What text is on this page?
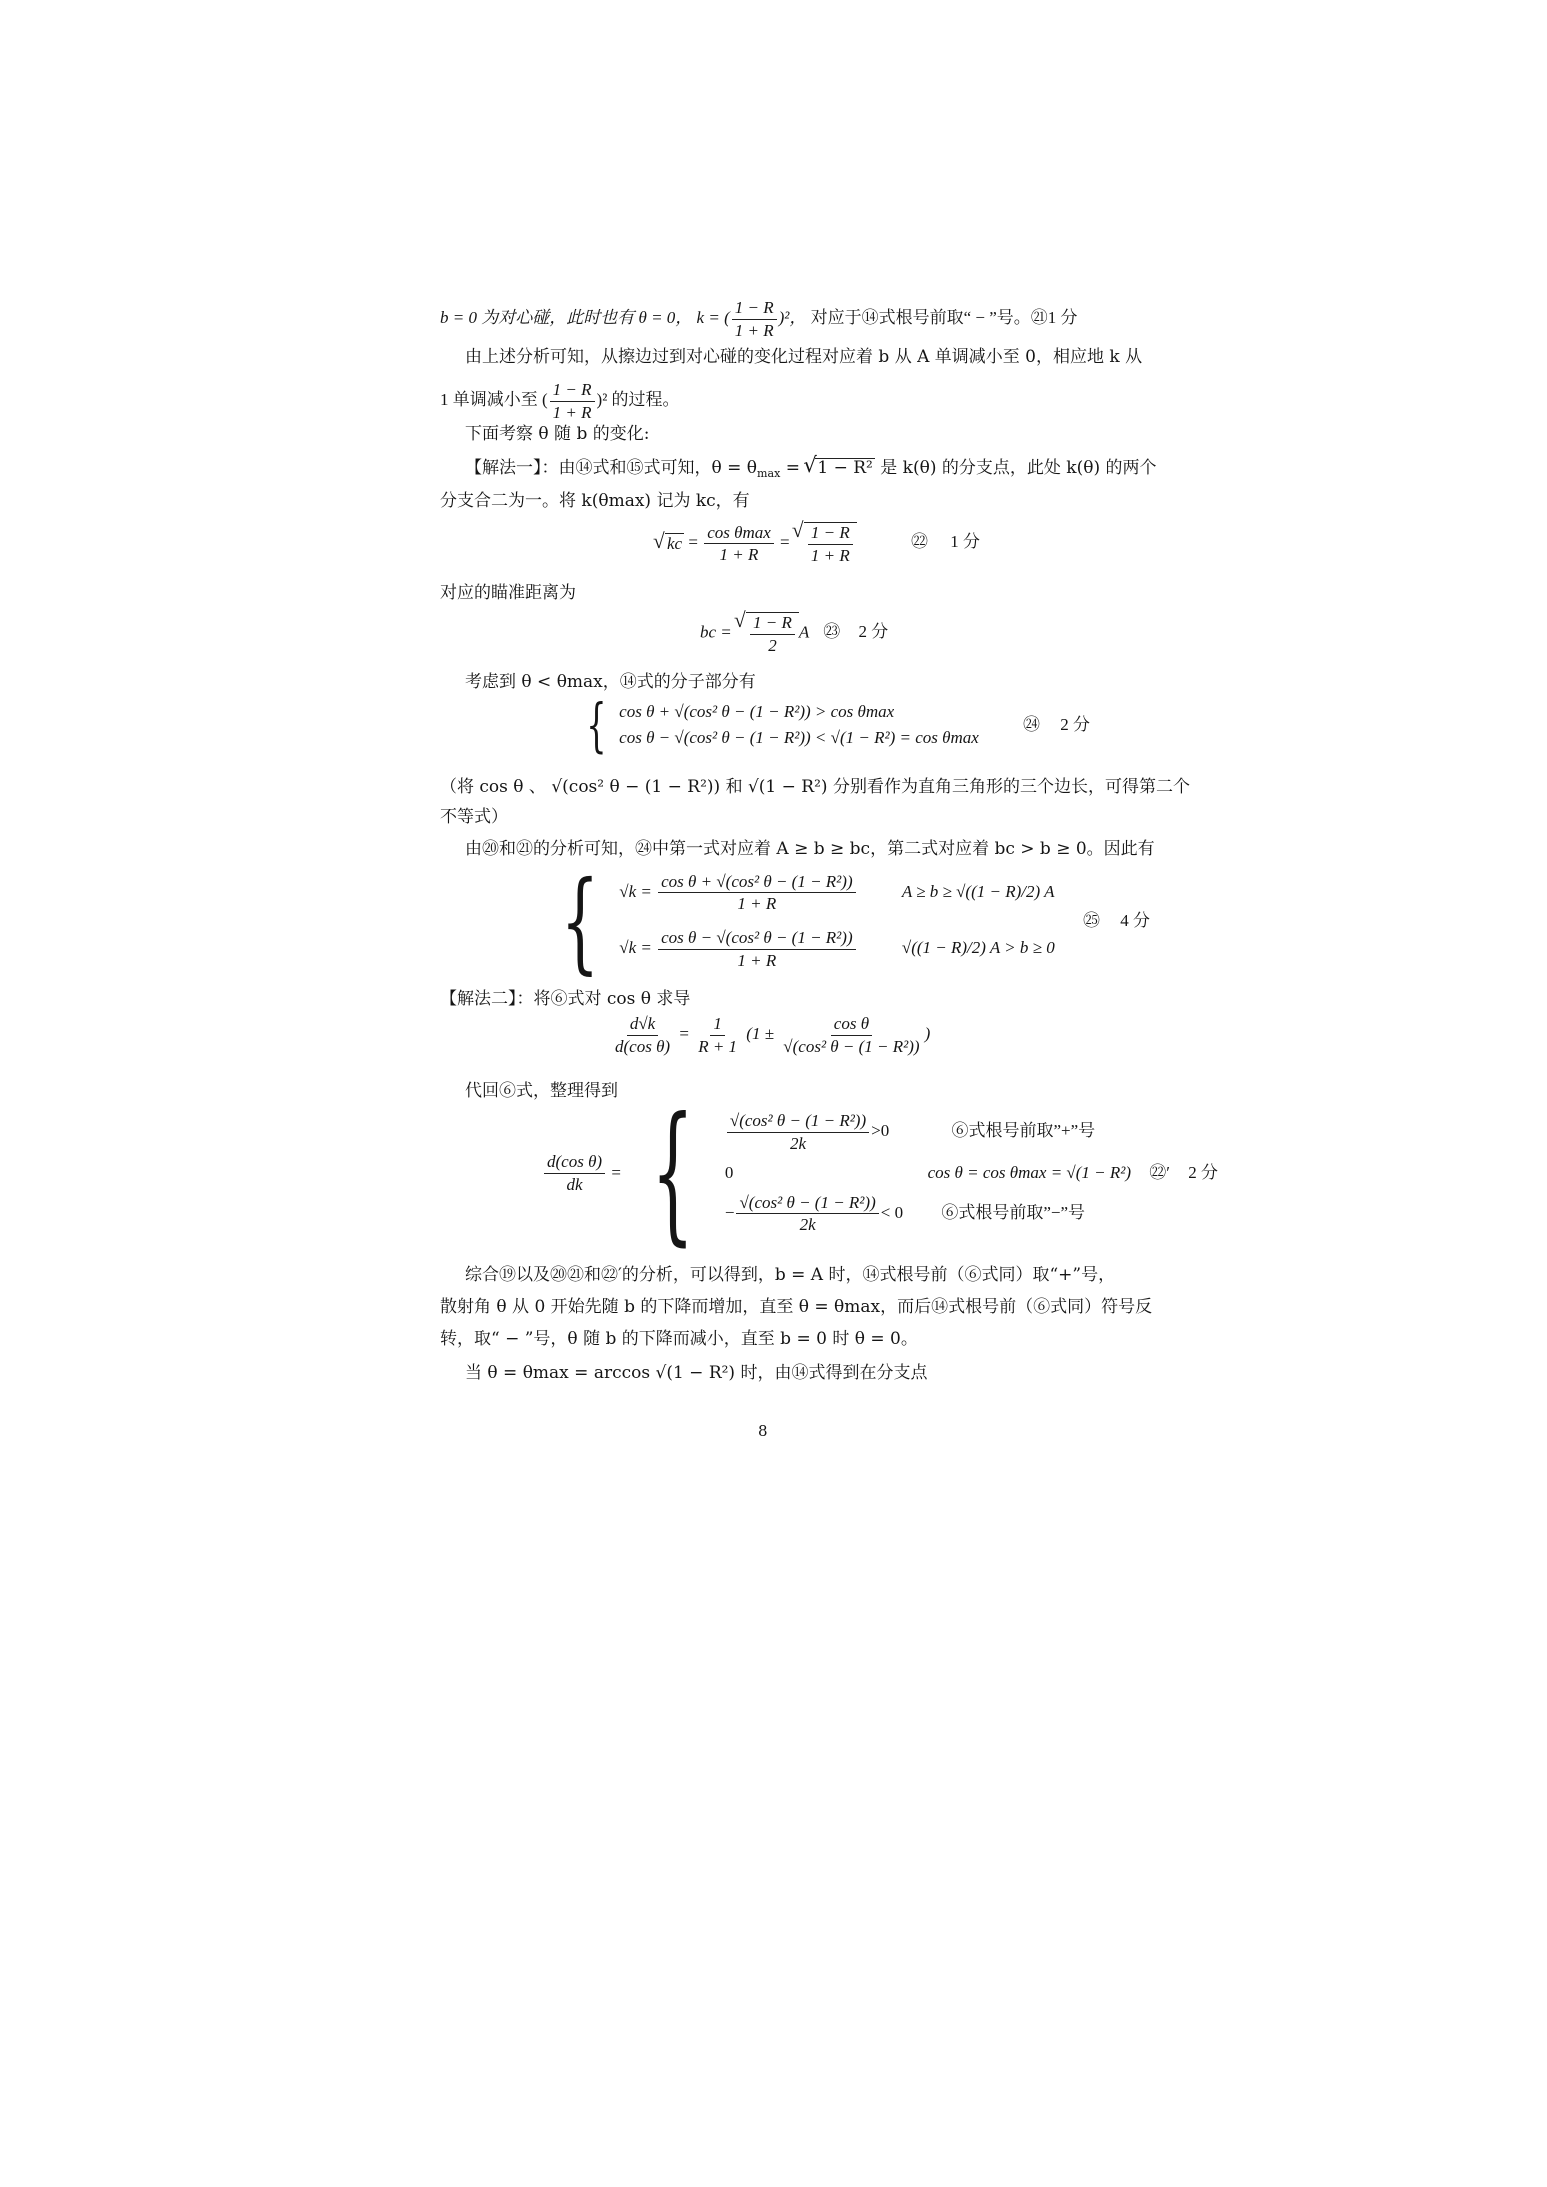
b = 0 为对心碰，此时也有 θ = 0， k = ( $\frac{1 - R}{1 + R} )^2$， 对应于⑭式根号前取“ − ”号。㉑1 分
由上述分析可知，从擦边过到对心碰的变化过程对应着 b 从 A 单调减小至 0，相应地 k 从
1 单调减小至 ( $\frac{1 - R}{1 + R} )^2$ 的过程。
下面考察 θ 随 b 的变化:
【解法一】：由⑭式和⑮式可知，$\theta = \theta_{max}$ = √ 1 − R² 是 k(θ) 的分支点，此处 k(θ) 的两个
分支合二为一。将 k(θmax) 记为 kc，有
√ kc = $\frac{\text{cos θmax}}{1 + R}$ = √ $\frac{1 - R}{1 + R}$	㉒ 1 分
对应的瞄准距离为
bc = √ $\frac{1 - R}{2}$ A ㉓ 2 分
考虑到 θ < θmax，⑭式的分子部分有
{ cos θ + √(cos² θ − (1 − R²)) > cos θmax
cos θ − √(cos² θ − (1 − R²)) < √(1 − R²) = cos θmax
㉔ 2 分
（将 cos θ 、 √(cos² θ − (1 − R²)) 和 √(1 − R²) 分别看作为直角三角形的三个边长，可得第二个
不等式）
由⑳和㉑的分析可知，㉔中第一式对应着 A ≥ b ≥ bc，第二式对应着 bc > b ≥ 0。因此有
{ $√k = \frac{\text{cos θ + √(cos² θ − (1 − R²))}}{1 + R}$	A ≥ b ≥ √((1 − R)/2) A
$√k = \frac{\text{cos θ − √(cos² θ − (1 − R²))}}{1 + R}$	√((1 − R)/2) A > b ≥ 0
㉕ 4 分
【解法二】：将⑥式对 cos θ 求导
$\frac{d√k}{\text{d(cos θ)}} = \frac{1}{R + 1} (1 \pm \frac{\text{cos θ}}{\text{√(cos² θ − (1 − R²))}}$ )
代回⑥式，整理得到
$\frac{\text{d(cos θ)}}{dk}$ = { $\frac{\text{√(cos² θ − (1 − R²))}}{2k} >0$	⑥式根号前取”+”号
0	cos θ = cos θmax = √(1 − R²)
− $\frac{\text{√(cos² θ − (1 − R²))}}{2k} < 0$ ⑥式根号前取”−”号
㉒′ 2 分
综合⑲以及⑳㉑和㉒′的分析，可以得到，b = A 时，⑭式根号前（⑥式同）取“+”号，
散射角 θ 从 0 开始先随 b 的下降而增加，直至 θ = θmax，而后⑭式根号前（⑥式同）符号反
转，取“ − ”号，θ 随 b 的下降而减小，直至 b = 0 时 θ = 0。
当 θ = θmax = arccos √(1 − R²) 时，由⑭式得到在分支点
8
